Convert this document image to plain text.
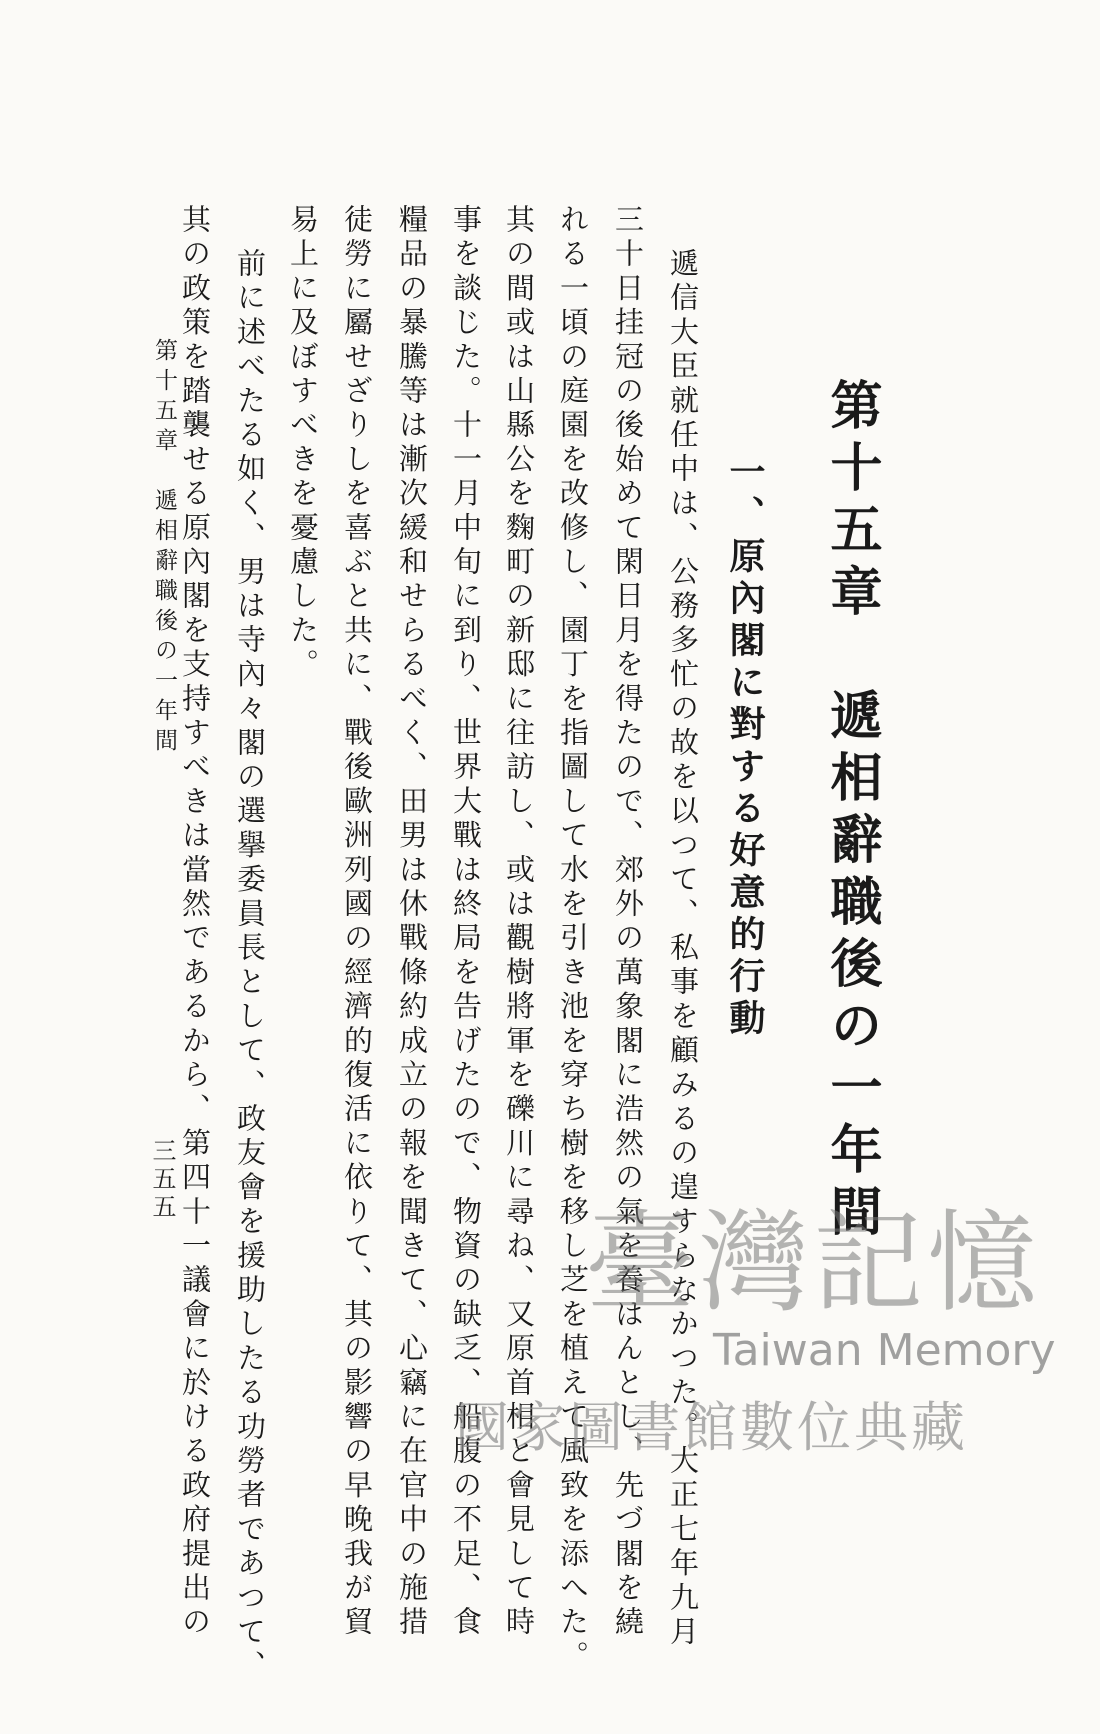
第十五章　遞相辭職後の一年間
一、原內閣に對する好意的行動
遞信大臣就任中は、公務多忙の故を以つて、私事を顧みるの遑すらなかつた。大正七年九月
三十日挂冠の後始めて閑日月を得たので、郊外の萬象閣に浩然の氣を養はんとし、先づ閣を繞
れる一頃の庭園を改修し、園丁を指圖して水を引き池を穿ち樹を移し芝を植えて風致を添へた。
其の間或は山縣公を麴町の新邸に往訪し、或は觀樹將軍を礫川に尋ね、又原首相と會見して時
事を談じた。十一月中旬に到り、世界大戰は終局を告げたので、物資の缺乏、船腹の不足、食
糧品の暴騰等は漸次緩和せらるべく、田男は休戰條約成立の報を聞きて、心竊に在官中の施措
徒勞に屬せざりしを喜ぶと共に、戰後歐洲列國の經濟的復活に依りて、其の影響の早晚我が貿
易上に及ぼすべきを憂慮した。
前に述べたる如く、男は寺內々閣の選擧委員長として、政友會を援助したる功勞者であつて、
其の政策を踏襲せる原內閣を支持すべきは當然であるから、第四十一議會に於ける政府提出の
第十五章　遞相辭職後の一年間
三五五
臺灣記憶
Taiwan Memory
國家圖書館數位典藏
